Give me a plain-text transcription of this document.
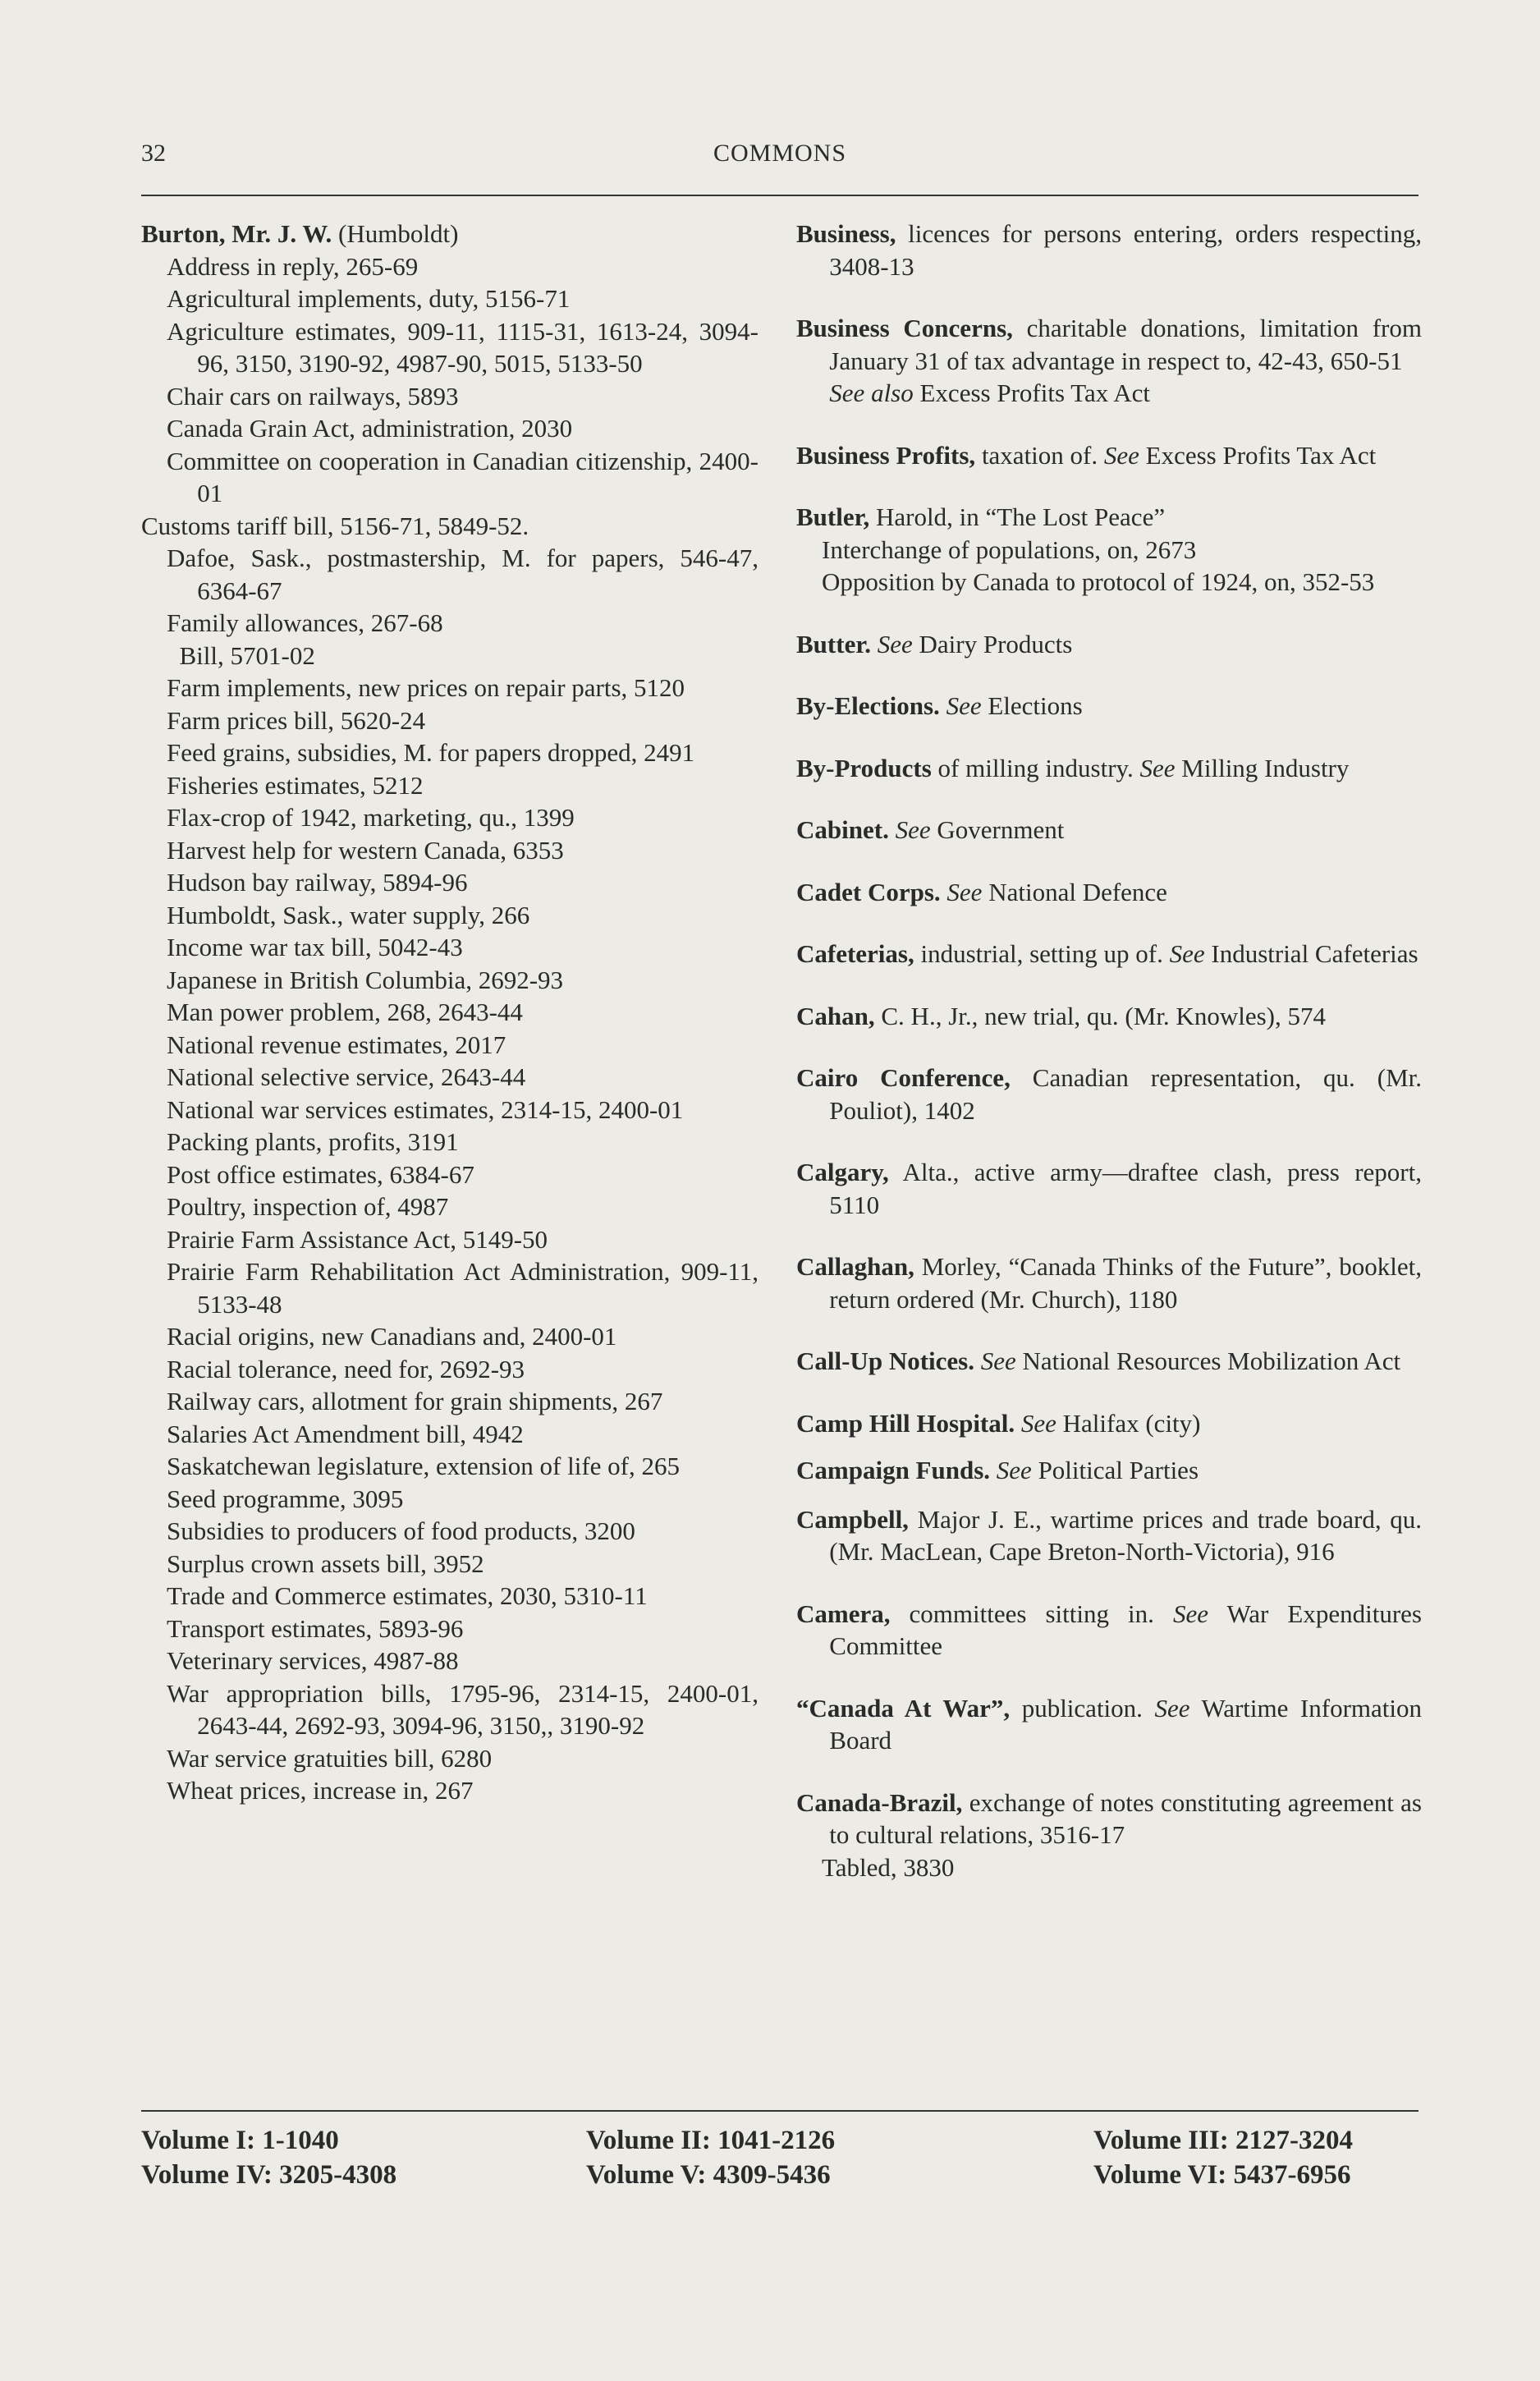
32	COMMONS

Burton, Mr. J. W. (Humboldt)

Address in reply, 265-69

Agricultural implements, duty, 5156-71

Agriculture estimates, 909-11, 1115-31, 1613-24, 3094-96, 3150, 3190-92, 4987-90, 5015, 5133-50

Chair cars on railways, 5893

Canada Grain Act, administration, 2030

Committee on cooperation in Canadian citizenship, 2400-01

Customs tariff bill, 5156-71, 5849-52.

Dafoe, Sask., postmastership, M. for papers, 546-47, 6364-67

Family allowances, 267-68

Bill, 5701-02

Farm implements, new prices on repair parts, 5120

Farm prices bill, 5620-24

Feed grains, subsidies, M. for papers dropped, 2491

Fisheries estimates, 5212

Flax-crop of 1942, marketing, qu., 1399

Harvest help for western Canada, 6353

Hudson bay railway, 5894-96

Humboldt, Sask., water supply, 266

Income war tax bill, 5042-43

Japanese in British Columbia, 2692-93

Man power problem, 268, 2643-44

National revenue estimates, 2017

National selective service, 2643-44

National war services estimates, 2314-15, 2400-01

Packing plants, profits, 3191

Post office estimates, 6384-67

Poultry, inspection of, 4987

Prairie Farm Assistance Act, 5149-50

Prairie Farm Rehabilitation Act Administration, 909-11, 5133-48

Racial origins, new Canadians and, 2400-01

Racial tolerance, need for, 2692-93

Railway cars, allotment for grain shipments, 267

Salaries Act Amendment bill, 4942

Saskatchewan legislature, extension of life of, 265

Seed programme, 3095

Subsidies to producers of food products, 3200

Surplus crown assets bill, 3952

Trade and Commerce estimates, 2030, 5310-11

Transport estimates, 5893-96

Veterinary services, 4987-88

War appropriation bills, 1795-96, 2314-15, 2400-01, 2643-44, 2692-93, 3094-96, 3150,, 3190-92

War service gratuities bill, 6280

Wheat prices, increase in, 267

Business, licences for persons entering, orders respecting, 3408-13

Business Concerns, charitable donations, limitation from January 31 of tax advantage in respect to, 42-43, 650-51

See also Excess Profits Tax Act

Business Profits, taxation of. See Excess Profits Tax Act

Butler, Harold, in “The Lost Peace”

Interchange of populations, on, 2673

Opposition by Canada to protocol of 1924, on, 352-53

Butter. See Dairy Products

By-Elections. See Elections

By-Products of milling industry. See Milling Industry

Cabinet. See Government

Cadet Corps. See National Defence

Cafeterias, industrial, setting up of. See Industrial Cafeterias

Cahan, C. H., Jr., new trial, qu. (Mr. Knowles), 574

Cairo Conference, Canadian representation, qu. (Mr. Pouliot), 1402

Calgary, Alta., active army—draftee clash, press report, 5110

Callaghan, Morley, “Canada Thinks of the Future”, booklet, return ordered (Mr. Church), 1180

Call-Up Notices. See National Resources Mobilization Act

Camp Hill Hospital. See Halifax (city)

Campaign Funds. See Political Parties

Campbell, Major J. E., wartime prices and trade board, qu. (Mr. MacLean, Cape Breton-North-Victoria), 916

Camera, committees sitting in. See War Expenditures Committee

“Canada At War”, publication. See Wartime Information Board

Canada-Brazil, exchange of notes constituting agreement as to cultural relations, 3516-17

Tabled, 3830

Volume I: 1-1040
Volume IV: 3205-4308
Volume II: 1041-2126
Volume V: 4309-5436
Volume III: 2127-3204
Volume VI: 5437-6956
